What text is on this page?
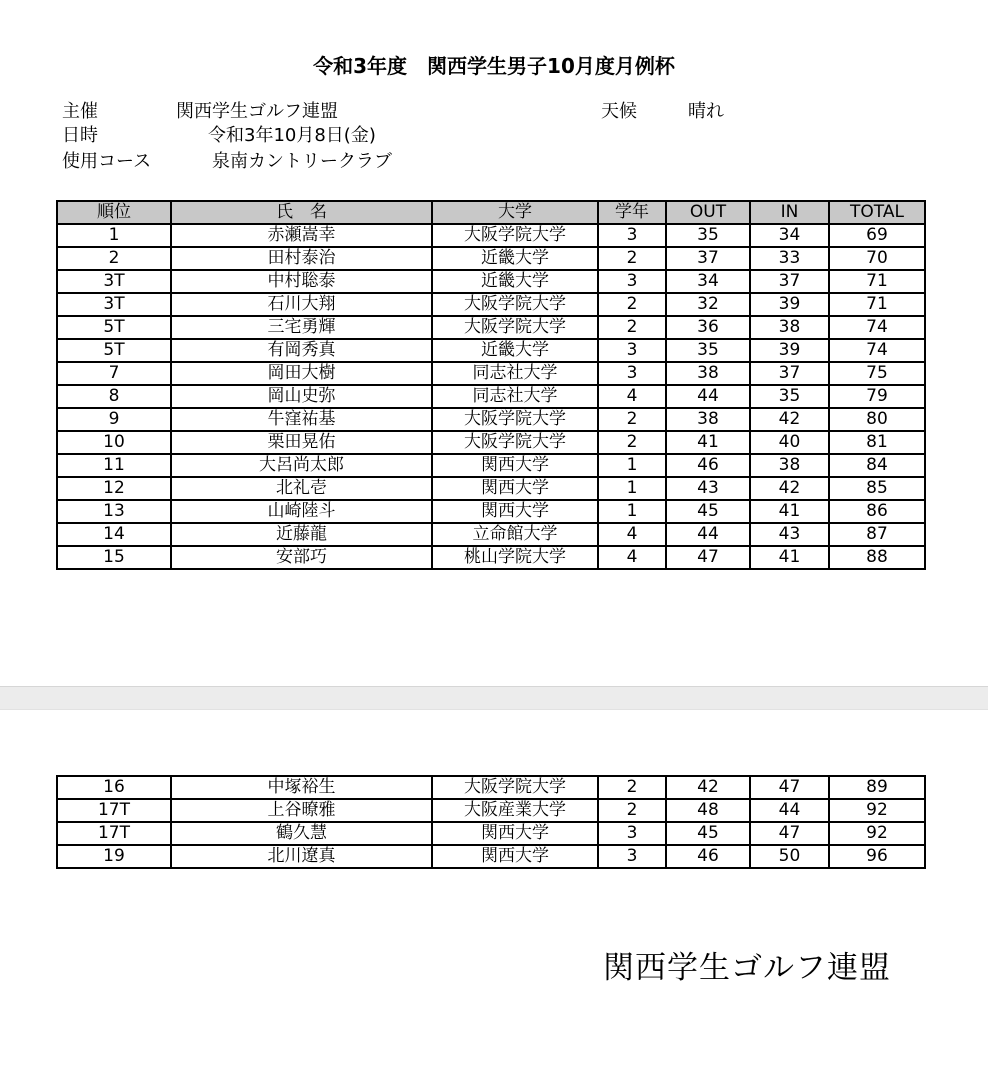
令和3年度　関西学生男子10月度月例杯
主催	関西学生ゴルフ連盟	天候	晴れ
日時	令和3年10月8日(金)
使用コース	泉南カントリークラブ
順位	氏　名	大学	学年	OUT	IN	TOTAL
1	赤瀬嵩幸	大阪学院大学	3	35	34	69
2	田村泰治	近畿大学	2	37	33	70
3T	中村聡泰	近畿大学	3	34	37	71
3T	石川大翔	大阪学院大学	2	32	39	71
5T	三宅勇輝	大阪学院大学	2	36	38	74
5T	有岡秀真	近畿大学	3	35	39	74
7	岡田大樹	同志社大学	3	38	37	75
8	岡山史弥	同志社大学	4	44	35	79
9	牛窪祐基	大阪学院大学	2	38	42	80
10	栗田晃佑	大阪学院大学	2	41	40	81
11	大呂尚太郎	関西大学	1	46	38	84
12	北礼壱	関西大学	1	43	42	85
13	山崎陸斗	関西大学	1	45	41	86
14	近藤龍	立命館大学	4	44	43	87
15	安部巧	桃山学院大学	4	47	41	88
16	中塚裕生	大阪学院大学	2	42	47	89
17T	上谷暸雅	大阪産業大学	2	48	44	92
17T	鶴久慧	関西大学	3	45	47	92
19	北川遼真	関西大学	3	46	50	96
関西学生ゴルフ連盟
